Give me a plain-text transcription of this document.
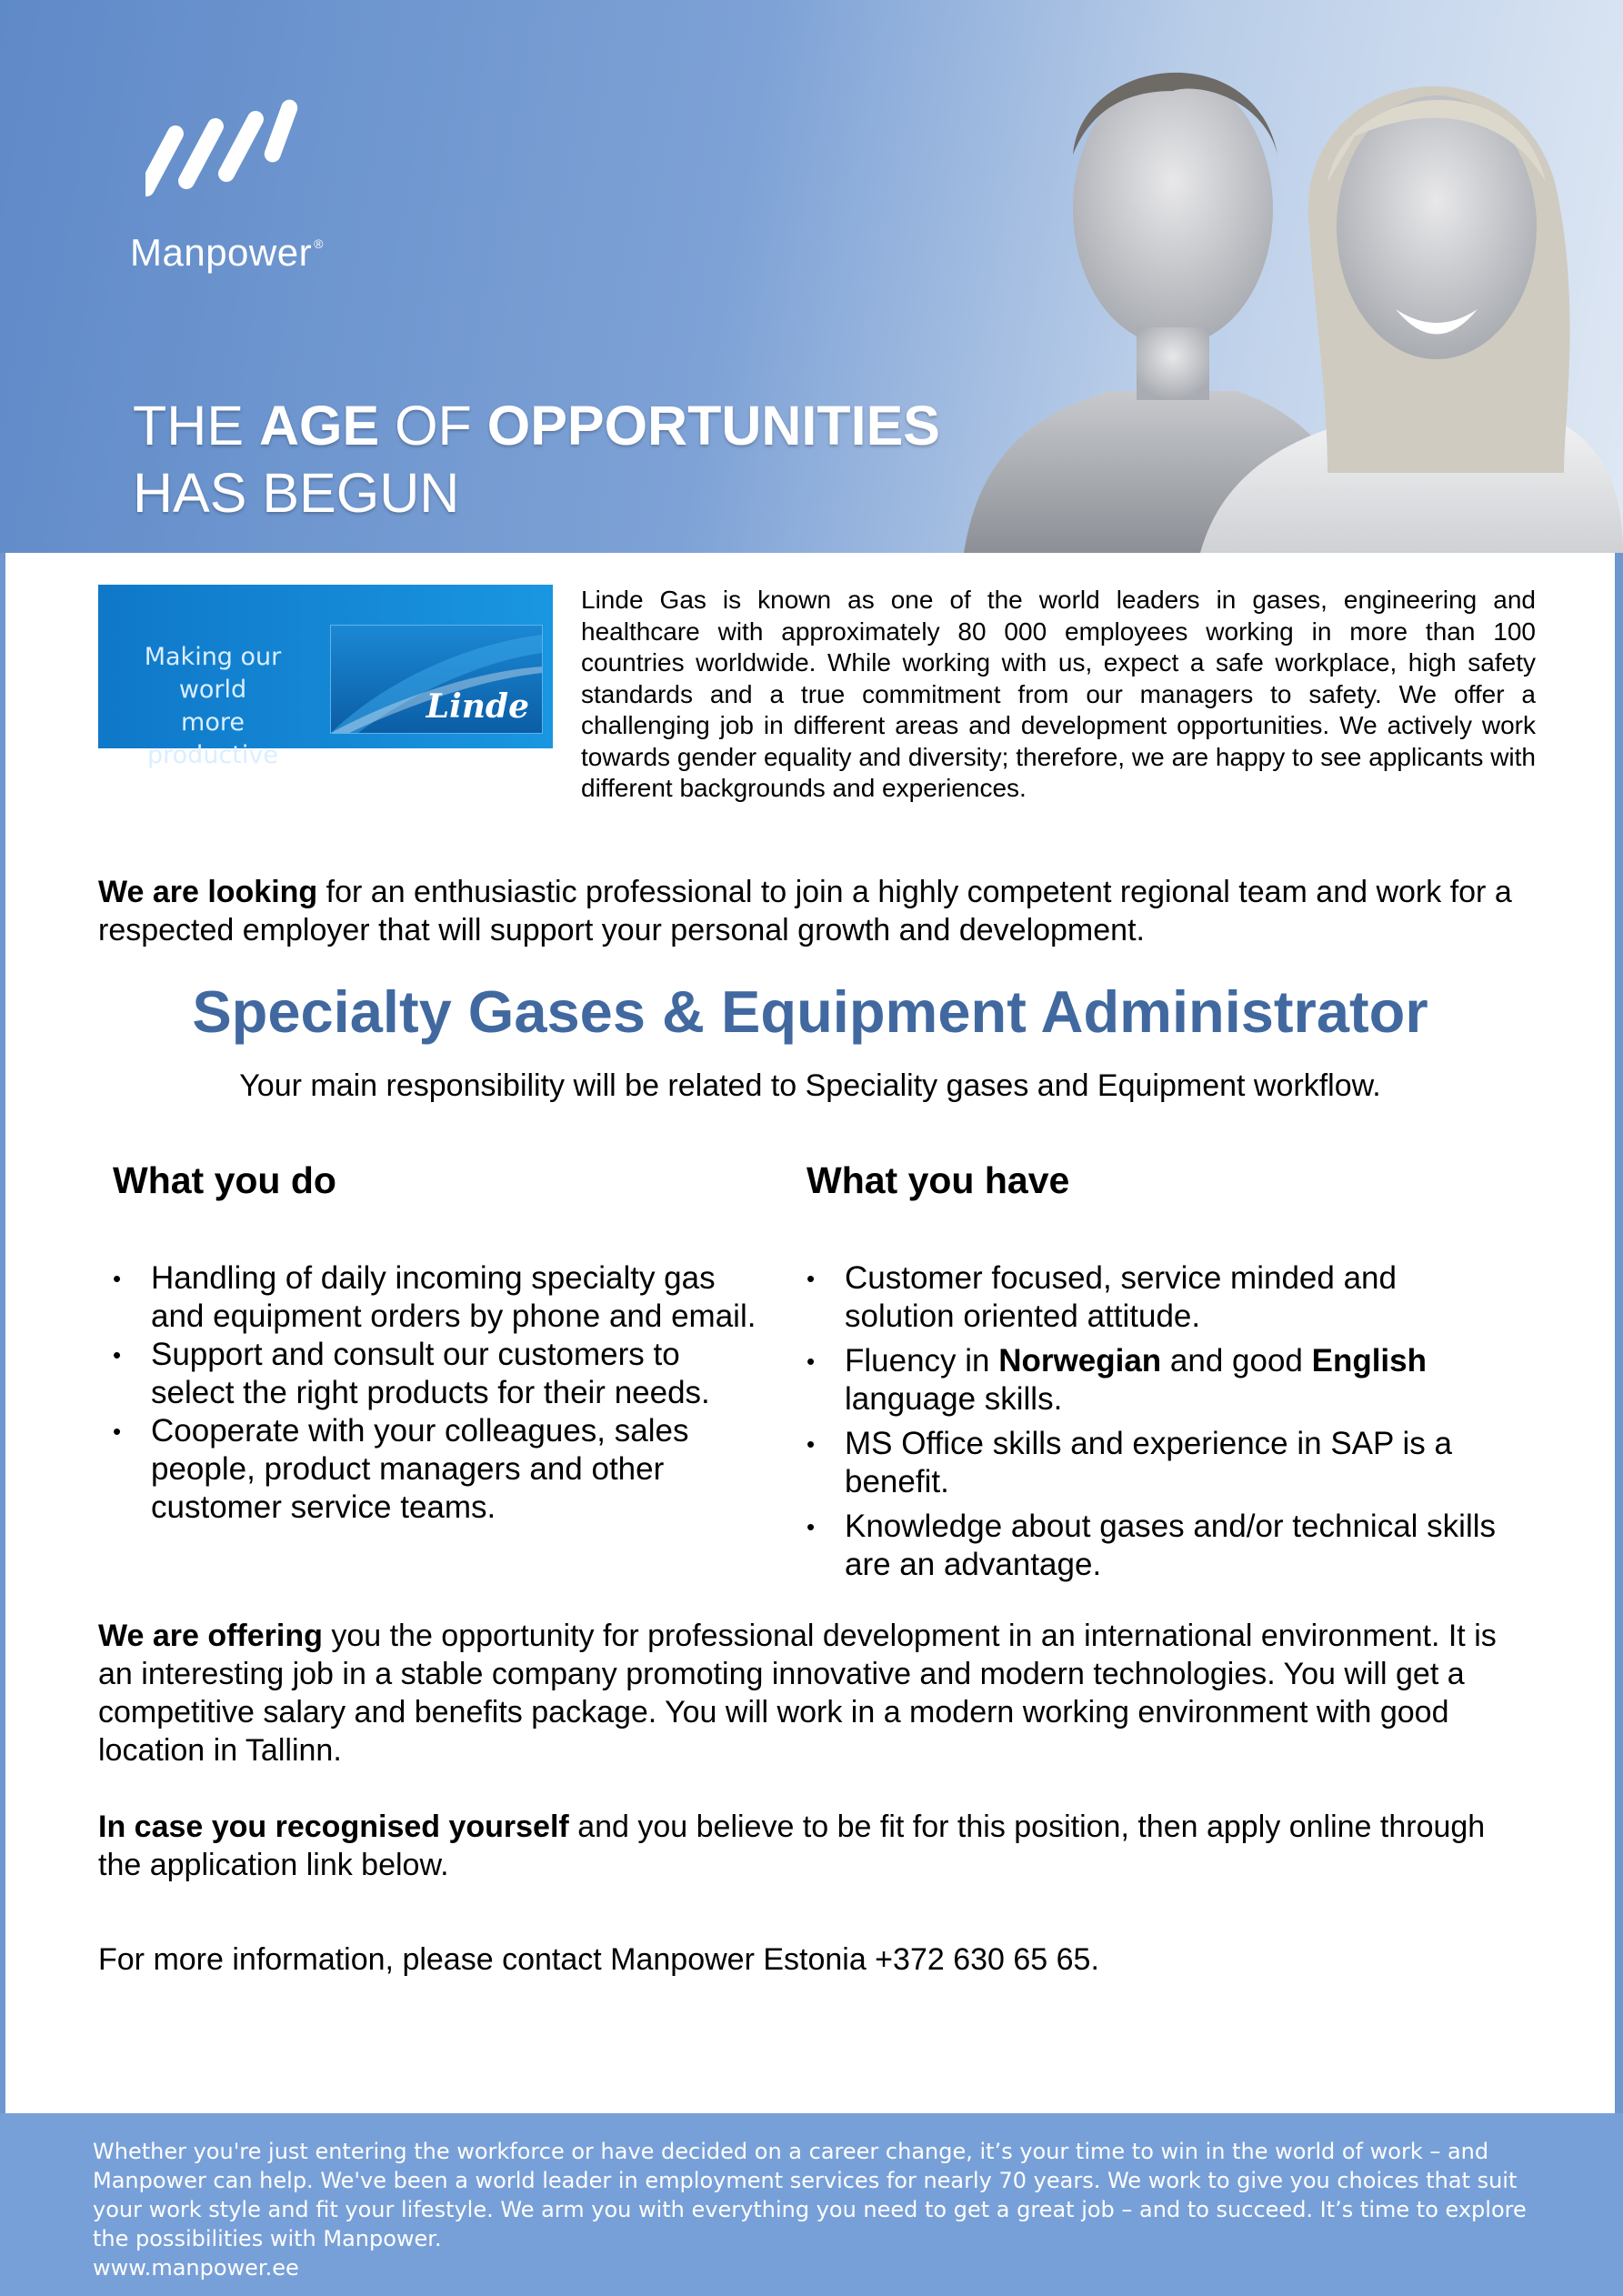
Manpower ®
THE AGE OF OPPORTUNITIES
HAS BEGUN
Making our world
more productive
Linde

Linde Gas is known as one of the world leaders in gases, engineering and healthcare with approximately 80 000 employees working in more than 100 countries worldwide. While working with us, expect a safe workplace, high safety standards and a true commitment from our managers to safety. We offer a challenging job in different areas and development opportunities. We actively work towards gender equality and diversity; therefore, we are happy to see applicants with different backgrounds and experiences.

We are looking for an enthusiastic professional to join a highly competent regional team and work for a respected employer that will support your personal growth and development.

Specialty Gases & Equipment Administrator

Your main responsibility will be related to Speciality gases and Equipment workflow.

What you do
• Handling of daily incoming specialty gas and equipment orders by phone and email.
• Support and consult our customers to select the right products for their needs.
• Cooperate with your colleagues, sales people, product managers and other customer service teams.
What you have
• Customer focused, service minded and solution oriented attitude.
• Fluency in Norwegian and good English language skills.
• MS Office skills and experience in SAP is a benefit.
• Knowledge about gases and/or technical skills are an advantage.

We are offering you the opportunity for professional development in an international environment. It is an interesting job in a stable company promoting innovative and modern technologies. You will get a competitive salary and benefits package. You will work in a modern working environment with good location in Tallinn.

In case you recognised yourself and you believe to be fit for this position, then apply online through the application link below.

For more information, please contact Manpower Estonia +372 630 65 65.

Whether you're just entering the workforce or have decided on a career change, it’s your time to win in the world of work – and Manpower can help. We've been a world leader in employment services for nearly 70 years. We work to give you choices that suit your work style and fit your lifestyle. We arm you with everything you need to get a great job – and to succeed. It’s time to explore the possibilities with Manpower.
www.manpower.ee
